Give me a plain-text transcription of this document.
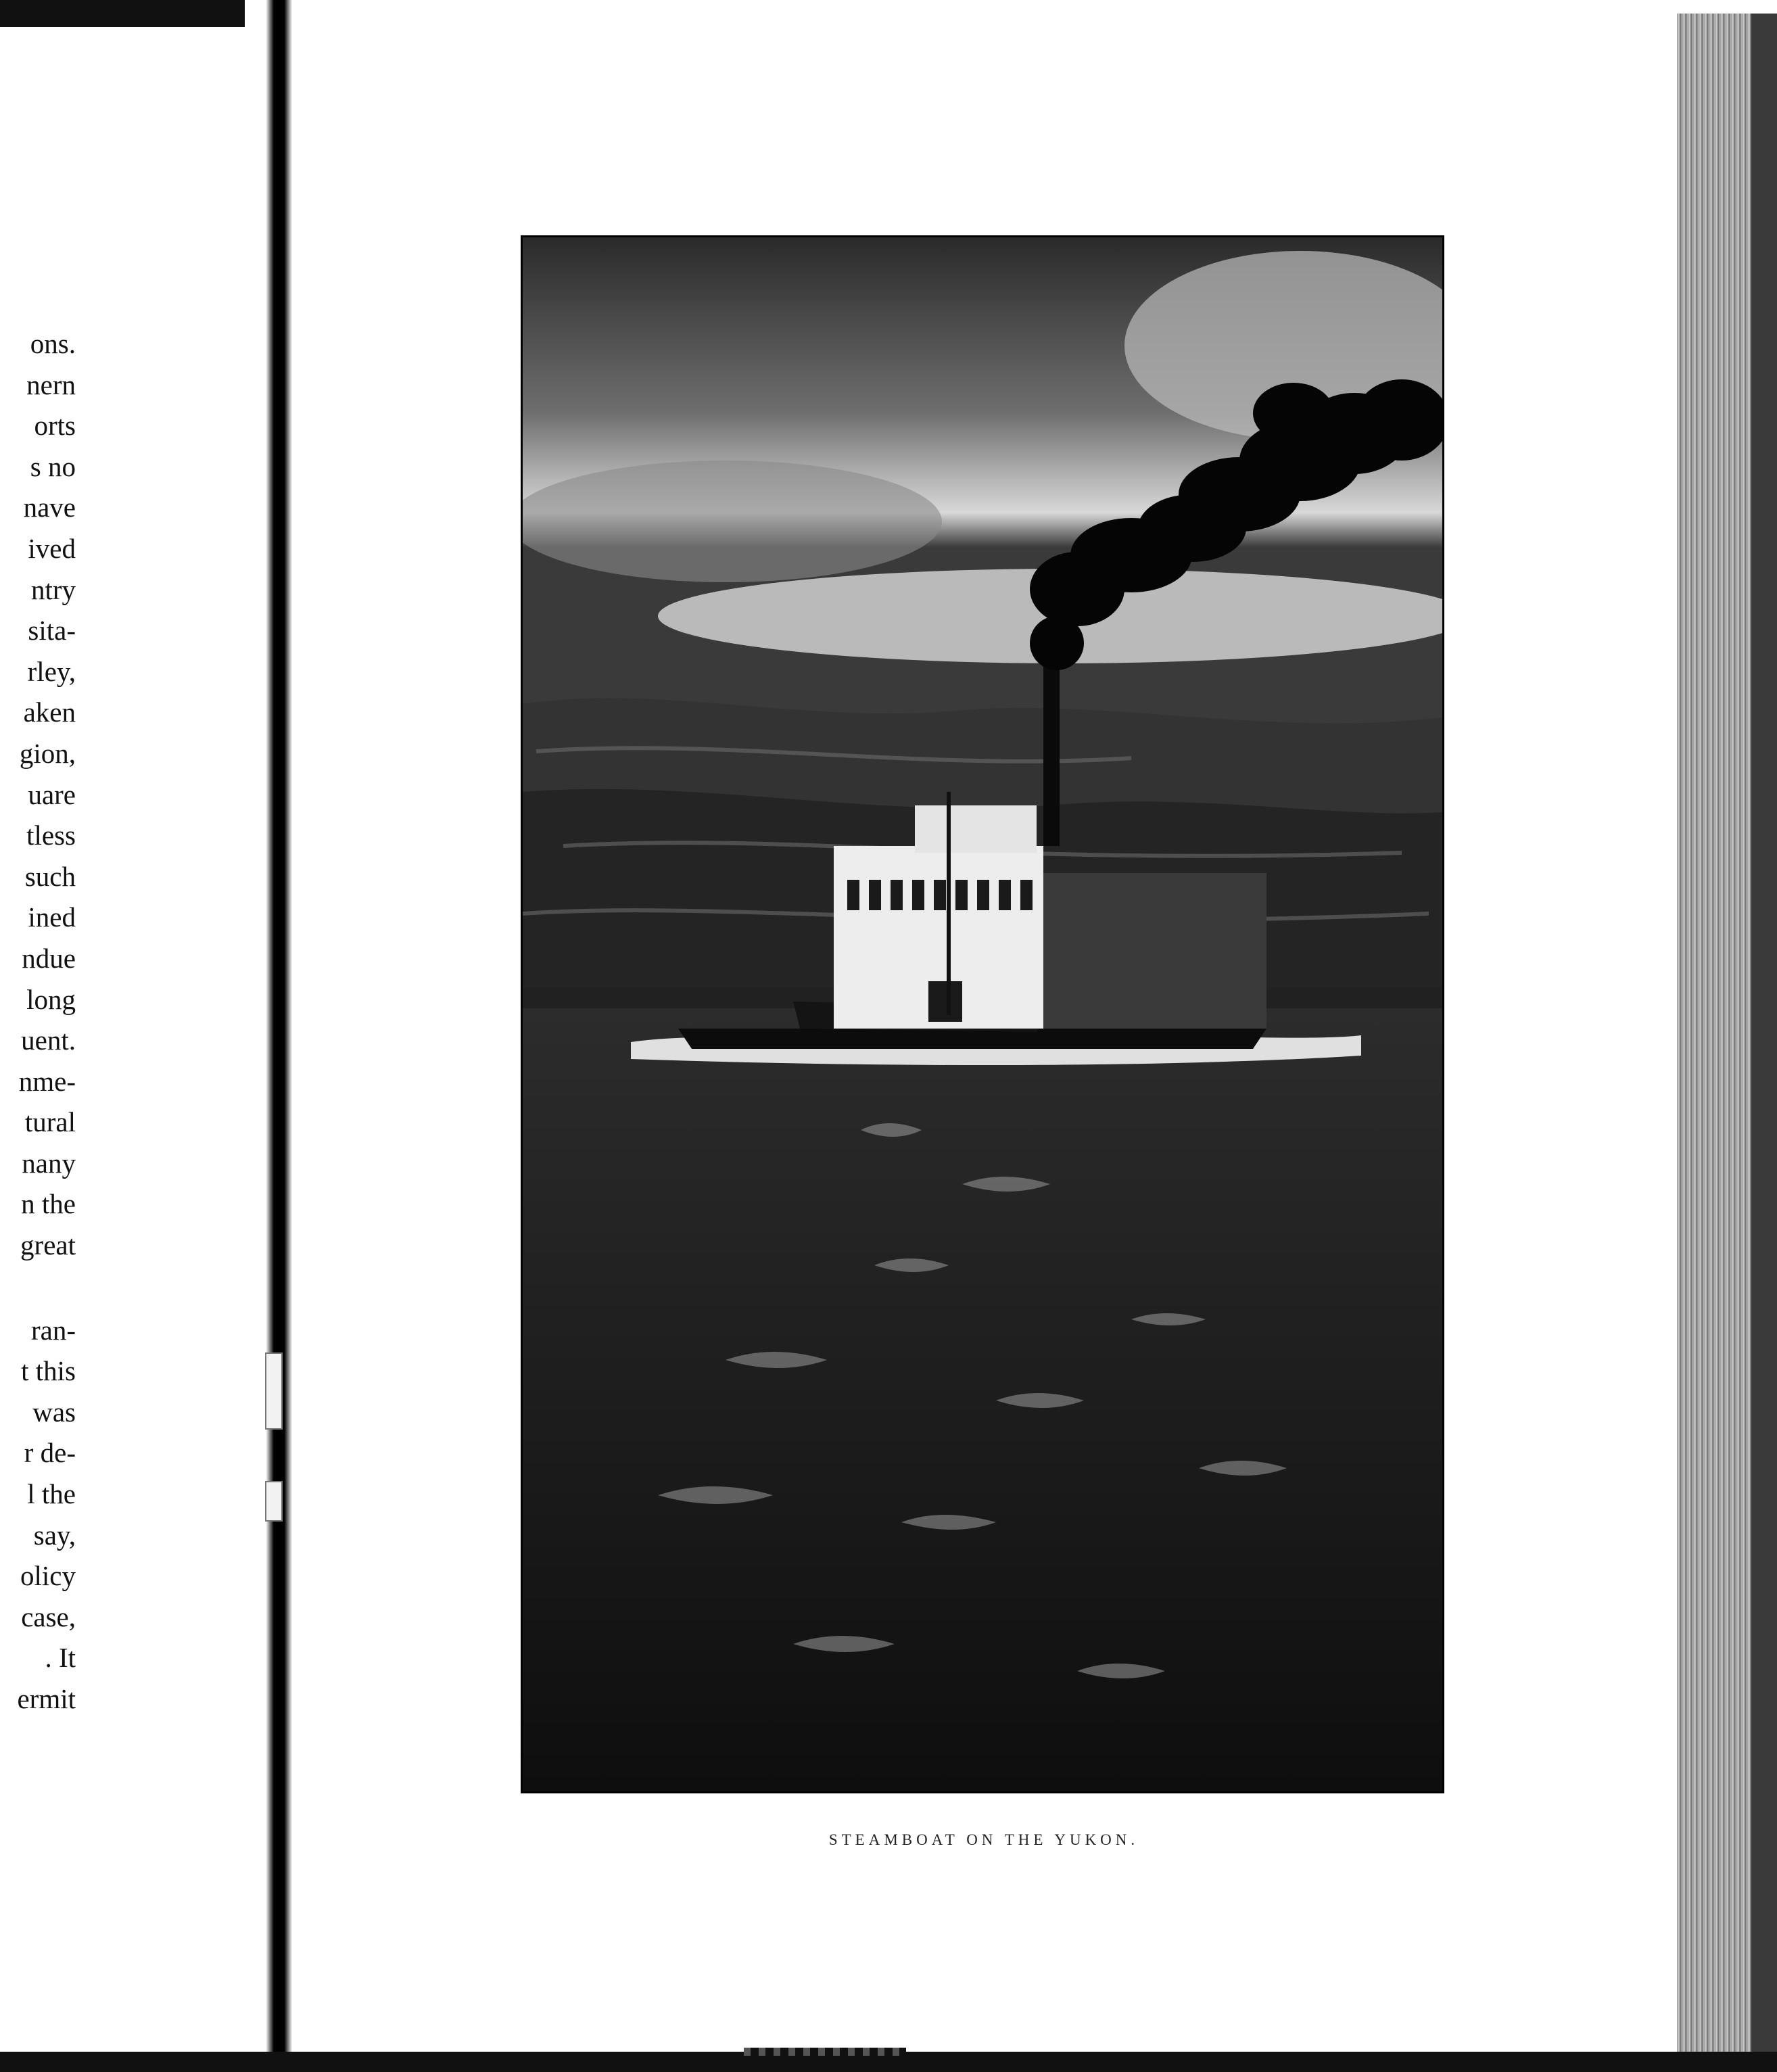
ons.
nern
orts
s no
nave
ived
ntry
sita-
rley,
aken
gion,
uare
tless
such
ined
ndue
long
uent.
nme-
tural
nany
n the
great
ran-
t this
was
r de-
l the
say,
olicy
case,
. It
ermit
STEAMBOAT ON THE YUKON.
